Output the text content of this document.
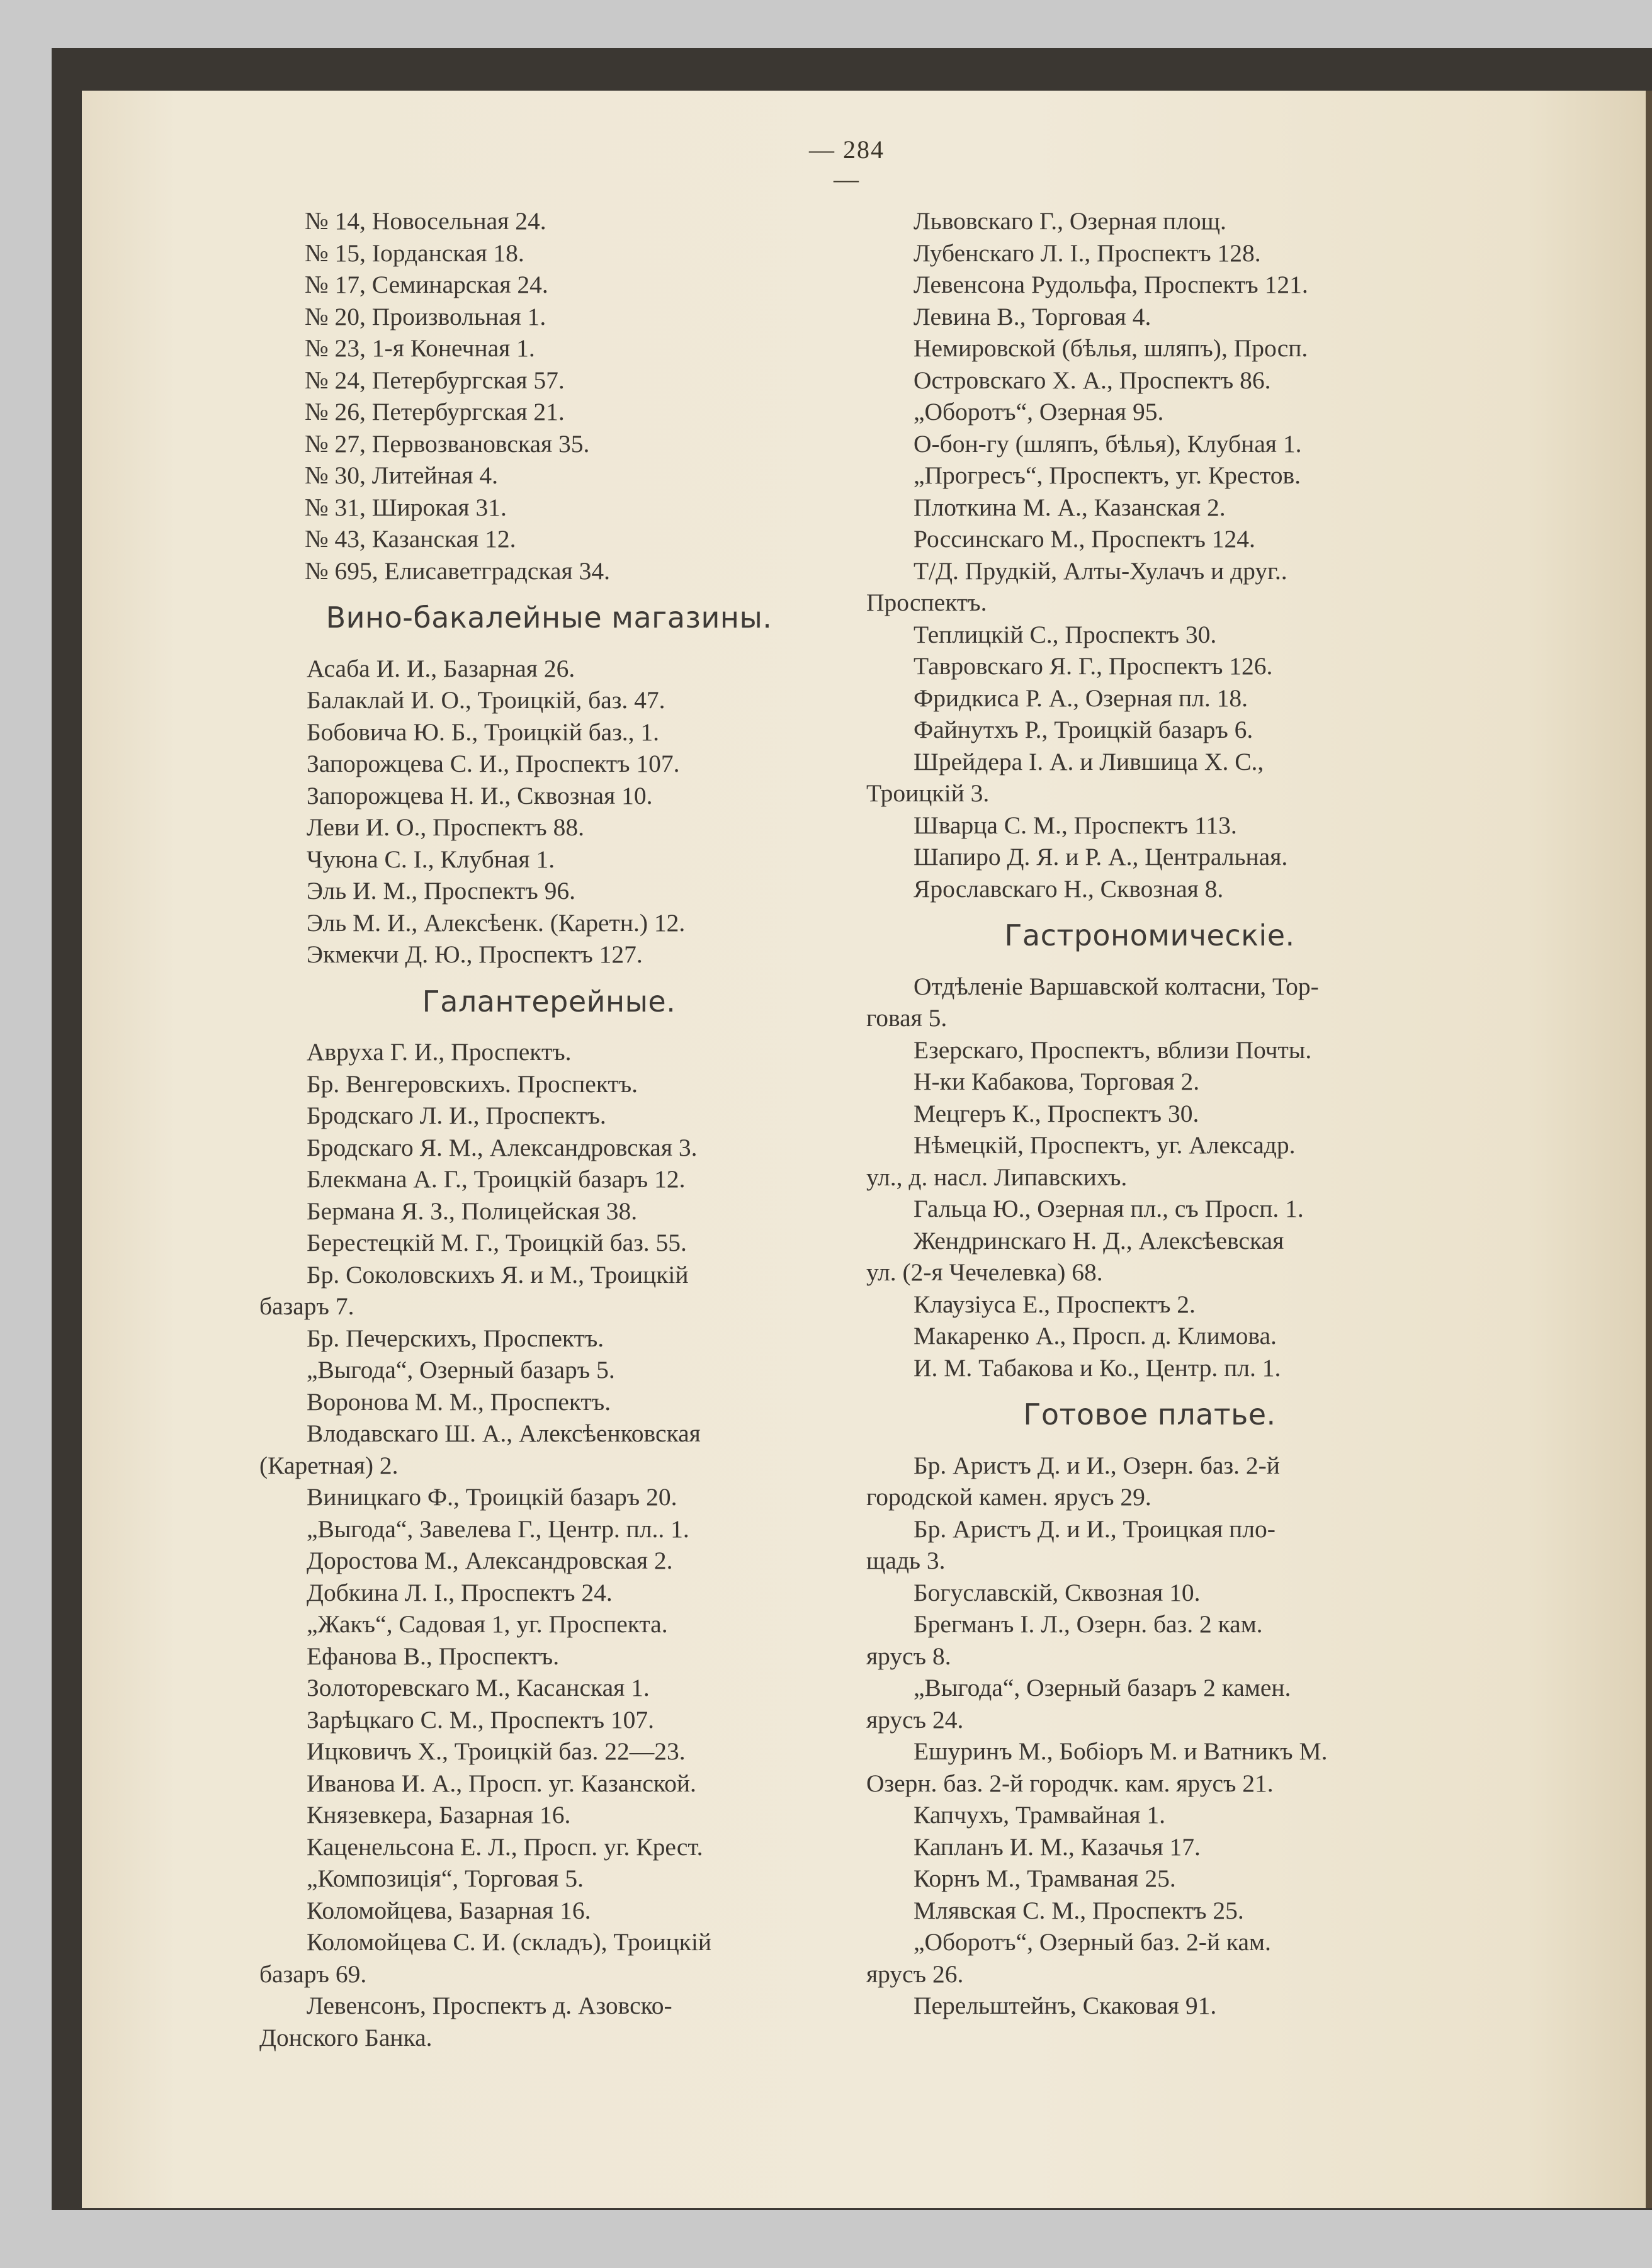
— 284 —
№ 14, Новосельная 24.
№ 15, Іорданская 18.
№ 17, Семинарская 24.
№ 20, Произвольная 1.
№ 23, 1-я Конечная 1.
№ 24, Петербургская 57.
№ 26, Петербургская 21.
№ 27, Первозвановская 35.
№ 30, Литейная 4.
№ 31, Широкая 31.
№ 43, Казанская 12.
№ 695, Елисаветградская 34.
Вино-бакалейные магазины.
Асаба И. И., Базарная 26.
Балаклай И. О., Троицкій, баз. 47.
Бобовича Ю. Б., Троицкій баз., 1.
Запорожцева С. И., Проспектъ 107.
Запорожцева Н. И., Сквозная 10.
Леви И. О., Проспектъ 88.
Чуюна С. І., Клубная 1.
Эль И. М., Проспектъ 96.
Эль М. И., Алексѣенк. (Каретн.) 12.
Экмекчи Д. Ю., Проспектъ 127.
Галантерейные.
Авруха Г. И., Проспектъ.
Бр. Венгеровскихъ. Проспектъ.
Бродскаго Л. И., Проспектъ.
Бродскаго Я. М., Александровская 3.
Блекмана А. Г., Троицкій базаръ 12.
Бермана Я. З., Полицейская 38.
Берестецкій М. Г., Троицкій баз. 55.
Бр. Соколовскихъ Я. и М., Троицкій
базаръ 7.
Бр. Печерскихъ, Проспектъ.
„Выгода“, Озерный базаръ 5.
Воронова М. М., Проспектъ.
Влодавскаго Ш. А., Алексѣенковская
(Каретная) 2.
Виницкаго Ф., Троицкій базаръ 20.
„Выгода“, Завелева Г., Центр. пл.. 1.
Доростова М., Александровская 2.
Добкина Л. І., Проспектъ 24.
„Жакъ“, Садовая 1, уг. Проспекта.
Ефанова В., Проспектъ.
Золоторевскаго М., Касанская 1.
Зарѣцкаго С. М., Проспектъ 107.
Ицковичъ Х., Троицкій баз. 22—23.
Иванова И. А., Просп. уг. Казанской.
Князевкера, Базарная 16.
Каценельсона Е. Л., Просп. уг. Крест.
„Композиція“, Торговая 5.
Коломойцева, Базарная 16.
Коломойцева С. И. (складъ), Троицкій
базаръ 69.
Левенсонъ, Проспектъ д. Азовско-
Донского Банка.
Львовскаго Г., Озерная площ.
Лубенскаго Л. І., Проспектъ 128.
Левенсона Рудольфа, Проспектъ 121.
Левина В., Торговая 4.
Немировской (бѣлья, шляпъ), Просп.
Островскаго Х. А., Проспектъ 86.
„Оборотъ“, Озерная 95.
О-бон-гу (шляпъ, бѣлья), Клубная 1.
„Прогресъ“, Проспектъ, уг. Крестов.
Плоткина М. А., Казанская 2.
Россинскаго М., Проспектъ 124.
Т/Д. Прудкій, Алты-Хулачъ и друг..
Проспектъ.
Теплицкій С., Проспектъ 30.
Тавровскаго Я. Г., Проспектъ 126.
Фридкиса Р. А., Озерная пл. 18.
Файнутхъ Р., Троицкій базаръ 6.
Шрейдера І. А. и Лившица Х. С.,
Троицкій 3.
Шварца С. М., Проспектъ 113.
Шапиро Д. Я. и Р. А., Центральная.
Ярославскаго Н., Сквозная 8.
Гастрономическіе.
Отдѣленіе Варшавской колтасни, Тор-
говая 5.
Езерскаго, Проспектъ, вблизи Почты.
Н-ки Кабакова, Торговая 2.
Мецгеръ К., Проспектъ 30.
Нѣмецкій, Проспектъ, уг. Алексадр.
ул., д. насл. Липавскихъ.
Гальца Ю., Озерная пл., съ Просп. 1.
Жендринскаго Н. Д., Алексѣевская
ул. (2-я Чечелевка) 68.
Клаузіуса Е., Проспектъ 2.
Макаренко А., Просп. д. Климова.
И. М. Табакова и Ко., Центр. пл. 1.
Готовое платье.
Бр. Аристъ Д. и И., Озерн. баз. 2-й
городской камен. ярусъ 29.
Бр. Аристъ Д. и И., Троицкая пло-
щадь 3.
Богуславскій, Сквозная 10.
Брегманъ І. Л., Озерн. баз. 2 кам.
ярусъ 8.
„Выгода“, Озерный базаръ 2 камен.
ярусъ 24.
Ешуринъ М., Бобіоръ М. и Ватникъ М.
Озерн. баз. 2-й городчк. кам. ярусъ 21.
Капчухъ, Трамвайная 1.
Капланъ И. М., Казачья 17.
Корнъ М., Трамваная 25.
Млявская С. М., Проспектъ 25.
„Оборотъ“, Озерный баз. 2-й кам.
ярусъ 26.
Перельштейнъ, Скаковая 91.
